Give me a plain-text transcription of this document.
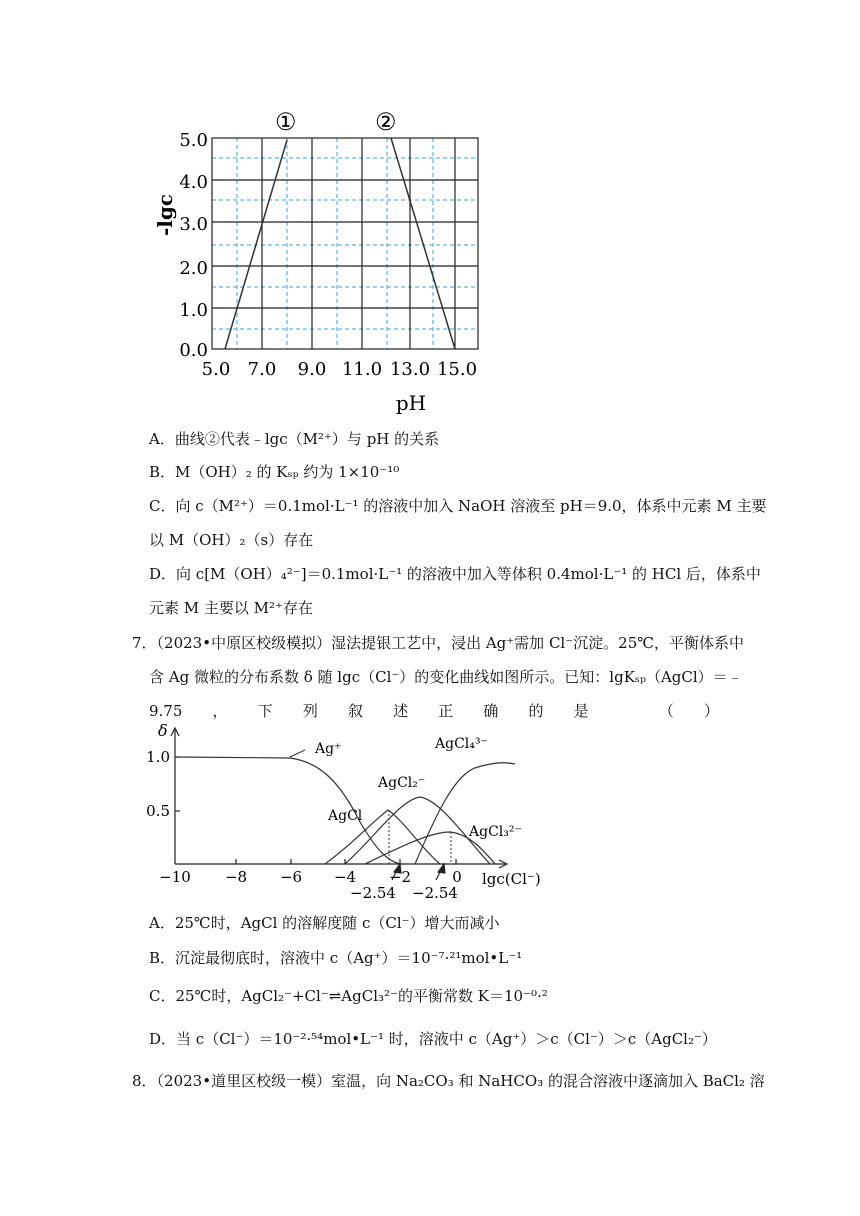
①	②
5.0
4.0
3.0
2.0
1.0
0.0
5.0 7.0 9.0 11.0 13.0 15.0
pH
-lgc
A．曲线②代表﹣lgc（M²⁺）与 pH 的关系
B．M（OH）₂ 的 Kₛₚ 约为 1×10⁻¹⁰
C．向 c（M²⁺）＝0.1mol·L⁻¹ 的溶液中加入 NaOH 溶液至 pH＝9.0，体系中元素 M 主要
以 M（OH）₂（s）存在
D．向 c[M（OH）₄²⁻]＝0.1mol·L⁻¹ 的溶液中加入等体积 0.4mol·L⁻¹ 的 HCl 后，体系中
元素 M 主要以 M²⁺存在
7．（2023•中原区校级模拟）湿法提银工艺中，浸出 Ag⁺需加 Cl⁻沉淀。25℃，平衡体系中
含 Ag 微粒的分布系数 δ 随 lgc（Cl⁻）的变化曲线如图所示。已知：lgKₛₚ（AgCl）＝﹣
9.75 ， 下 列 叙 述 正 确 的 是	（ ）
1.0
0.5
−10 −8 −6 −4 −2	0
δ
lgc(Cl⁻)
−2.54 −2.54
Ag⁺
AgCl
AgCl₂⁻
AgCl₃²⁻
AgCl₄³⁻
A．25℃时，AgCl 的溶解度随 c（Cl⁻）增大而减小
B．沉淀最彻底时，溶液中 c（Ag⁺）＝10⁻⁷·²¹mol•L⁻¹
C．25℃时，AgCl₂⁻+Cl⁻⇌AgCl₃²⁻的平衡常数 K＝10⁻⁰·²
D．当 c（Cl⁻）＝10⁻²·⁵⁴mol•L⁻¹ 时，溶液中 c（Ag⁺）＞c（Cl⁻）＞c（AgCl₂⁻）
8．（2023•道里区校级一模）室温，向 Na₂CO₃ 和 NaHCO₃ 的混合溶液中逐滴加入 BaCl₂ 溶
